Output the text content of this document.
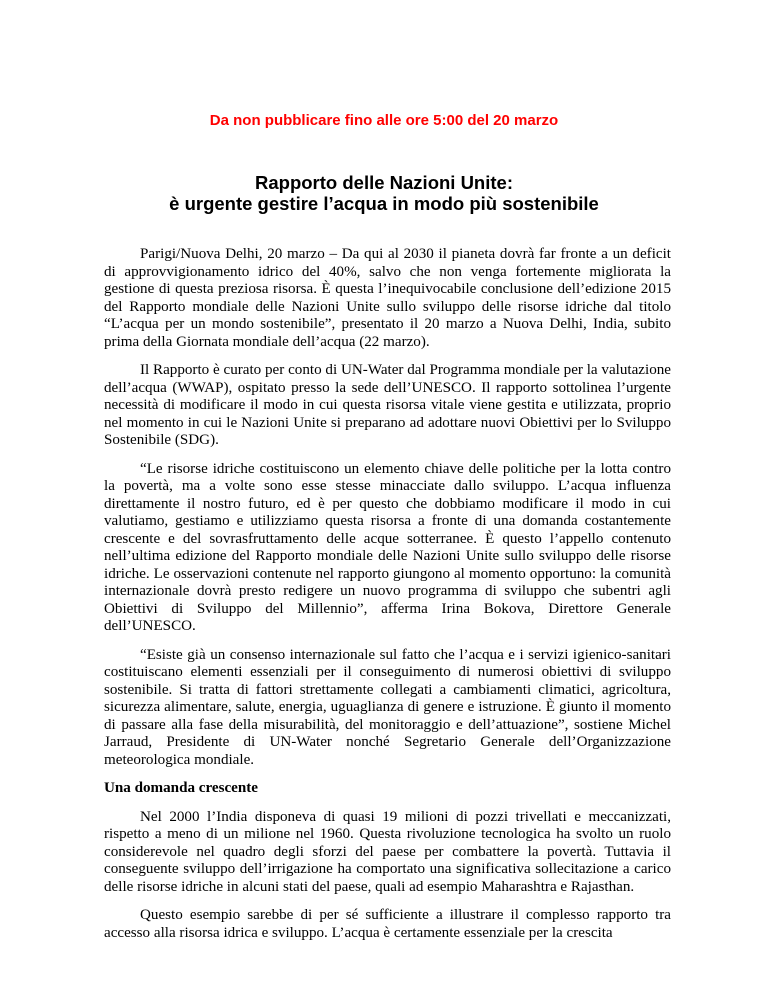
Da non pubblicare fino alle ore 5:00 del 20 marzo
Rapporto delle Nazioni Unite:
è urgente gestire l’acqua in modo più sostenibile

Parigi/Nuova Delhi, 20 marzo – Da qui al 2030 il pianeta dovrà far fronte a un deficit di approvvigionamento idrico del 40%, salvo che non venga fortemente migliorata la gestione di questa preziosa risorsa. È questa l’inequivocabile conclusione dell’edizione 2015 del Rapporto mondiale delle Nazioni Unite sullo sviluppo delle risorse idriche dal titolo “L’acqua per un mondo sostenibile”, presentato il 20 marzo a Nuova Delhi, India, subito prima della Giornata mondiale dell’acqua (22 marzo).

Il Rapporto è curato per conto di UN-Water dal Programma mondiale per la valutazione dell’acqua (WWAP), ospitato presso la sede dell’UNESCO. Il rapporto sottolinea l’urgente necessità di modificare il modo in cui questa risorsa vitale viene gestita e utilizzata, proprio nel momento in cui le Nazioni Unite si preparano ad adottare nuovi Obiettivi per lo Sviluppo Sostenibile (SDG).

“Le risorse idriche costituiscono un elemento chiave delle politiche per la lotta contro la povertà, ma a volte sono esse stesse minacciate dallo sviluppo. L’acqua influenza direttamente il nostro futuro, ed è per questo che dobbiamo modificare il modo in cui valutiamo, gestiamo e utilizziamo questa risorsa a fronte di una domanda costantemente crescente e del sovrasfruttamento delle acque sotterranee. È questo l’appello contenuto nell’ultima edizione del Rapporto mondiale delle Nazioni Unite sullo sviluppo delle risorse idriche. Le osservazioni contenute nel rapporto giungono al momento opportuno: la comunità internazionale dovrà presto redigere un nuovo programma di sviluppo che subentri agli Obiettivi di Sviluppo del Millennio”, afferma Irina Bokova, Direttore Generale dell’UNESCO.

“Esiste già un consenso internazionale sul fatto che l’acqua e i servizi igienico-sanitari costituiscano elementi essenziali per il conseguimento di numerosi obiettivi di sviluppo sostenibile. Si tratta di fattori strettamente collegati a cambiamenti climatici, agricoltura, sicurezza alimentare, salute, energia, uguaglianza di genere e istruzione. È giunto il momento di passare alla fase della misurabilità, del monitoraggio e dell’attuazione”, sostiene Michel Jarraud, Presidente di UN-Water nonché Segretario Generale dell’Organizzazione meteorologica mondiale.

Una domanda crescente

Nel 2000 l’India disponeva di quasi 19 milioni di pozzi trivellati e meccanizzati, rispetto a meno di un milione nel 1960. Questa rivoluzione tecnologica ha svolto un ruolo considerevole nel quadro degli sforzi del paese per combattere la povertà. Tuttavia il conseguente sviluppo dell’irrigazione ha comportato una significativa sollecitazione a carico delle risorse idriche in alcuni stati del paese, quali ad esempio Maharashtra e Rajasthan.

Questo esempio sarebbe di per sé sufficiente a illustrare il complesso rapporto tra accesso alla risorsa idrica e sviluppo. L’acqua è certamente essenziale per la crescita
